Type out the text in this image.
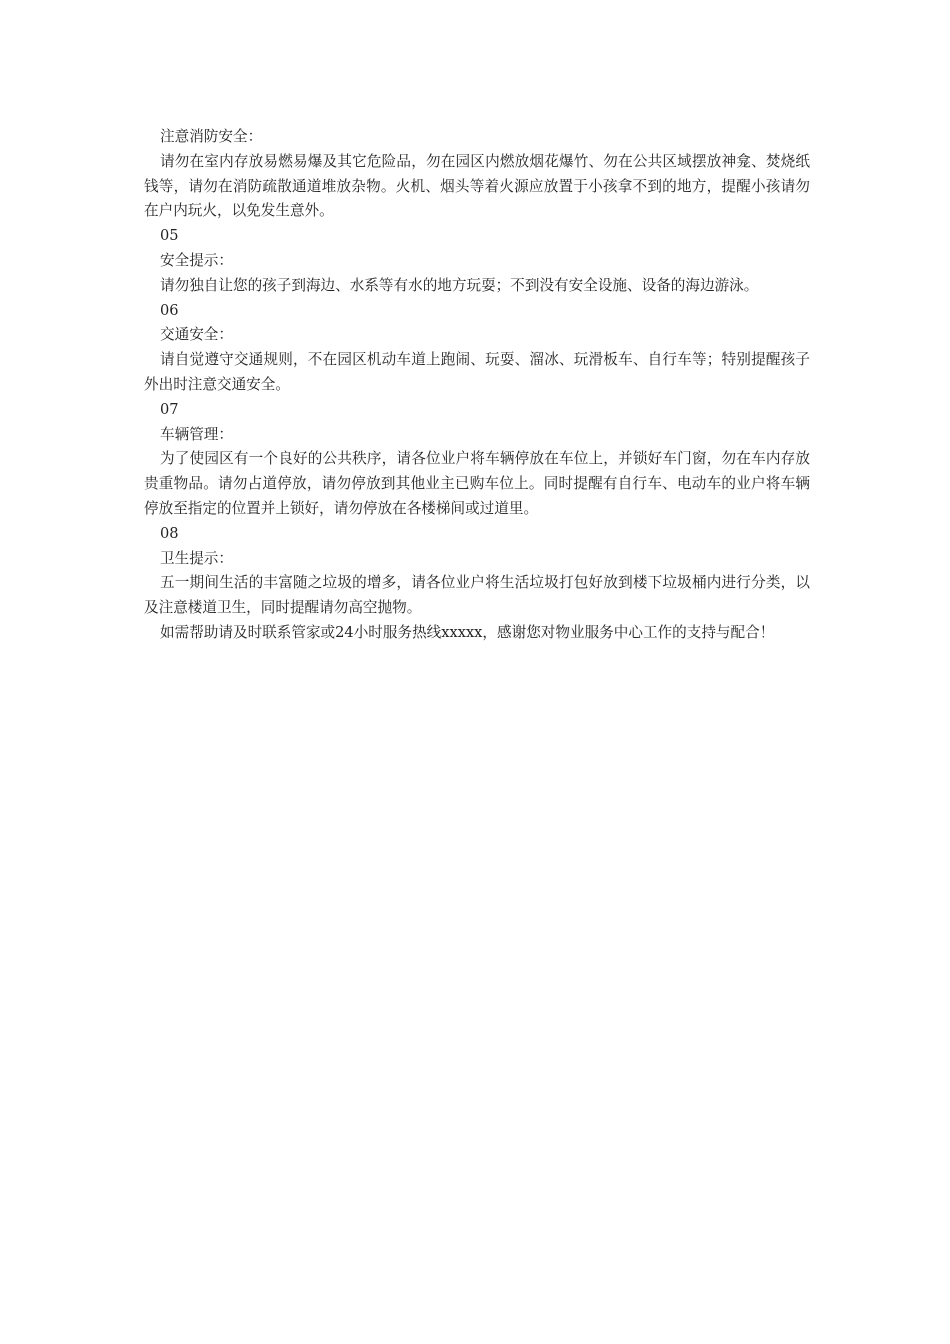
注意消防安全：

请勿在室内存放易燃易爆及其它危险品，勿在园区内燃放烟花爆竹、勿在公共区域摆放神龛、焚烧纸钱等，请勿在消防疏散通道堆放杂物。火机、烟头等着火源应放置于小孩拿不到的地方，提醒小孩请勿在户内玩火，以免发生意外。

05

安全提示：

请勿独自让您的孩子到海边、水系等有水的地方玩耍；不到没有安全设施、设备的海边游泳。

06

交通安全：

请自觉遵守交通规则，不在园区机动车道上跑闹、玩耍、溜冰、玩滑板车、自行车等；特别提醒孩子外出时注意交通安全。

07

车辆管理：

为了使园区有一个良好的公共秩序，请各位业户将车辆停放在车位上，并锁好车门窗，勿在车内存放贵重物品。请勿占道停放，请勿停放到其他业主已购车位上。同时提醒有自行车、电动车的业户将车辆停放至指定的位置并上锁好，请勿停放在各楼梯间或过道里。

08

卫生提示：

五一期间生活的丰富随之垃圾的增多，请各位业户将生活垃圾打包好放到楼下垃圾桶内进行分类，以及注意楼道卫生，同时提醒请勿高空抛物。

如需帮助请及时联系管家或24小时服务热线xxxxx，感谢您对物业服务中心工作的支持与配合！
